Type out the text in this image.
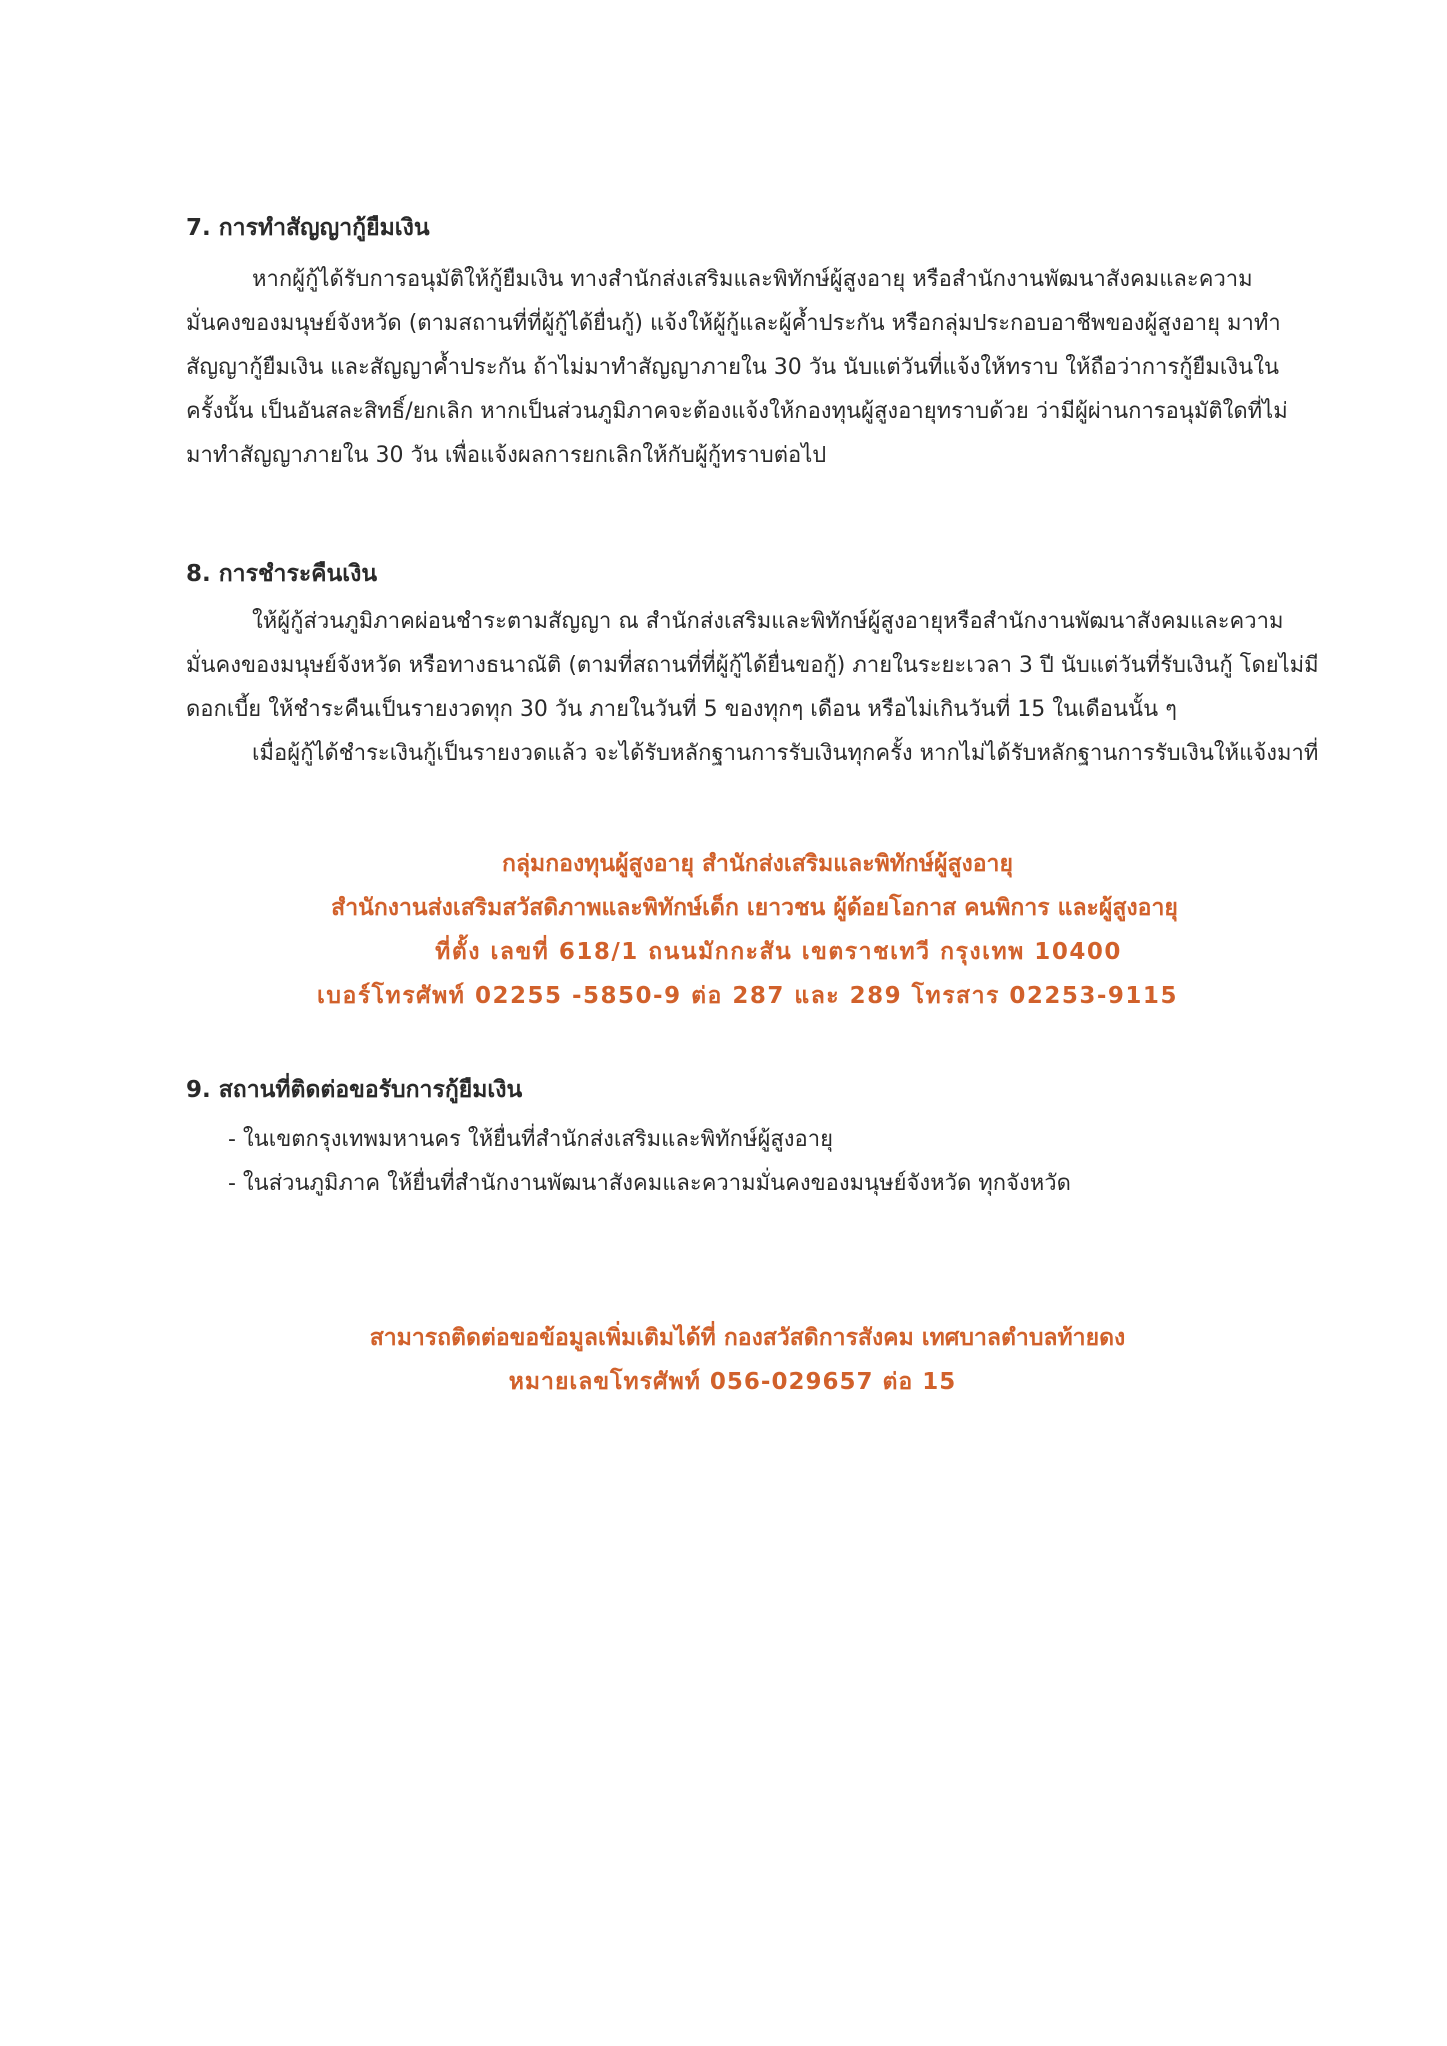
7. การทำสัญญากู้ยืมเงิน
หากผู้กู้ได้รับการอนุมัติให้กู้ยืมเงิน ทางสำนักส่งเสริมและพิทักษ์ผู้สูงอายุ หรือสำนักงานพัฒนาสังคมและความ
มั่นคงของมนุษย์จังหวัด (ตามสถานที่ที่ผู้กู้ได้ยื่นกู้) แจ้งให้ผู้กู้และผู้ค้ำประกัน หรือกลุ่มประกอบอาชีพของผู้สูงอายุ มาทำ
สัญญากู้ยืมเงิน และสัญญาค้ำประกัน ถ้าไม่มาทำสัญญาภายใน 30 วัน นับแต่วันที่แจ้งให้ทราบ ให้ถือว่าการกู้ยืมเงินใน
ครั้งนั้น เป็นอันสละสิทธิ์/ยกเลิก หากเป็นส่วนภูมิภาคจะต้องแจ้งให้กองทุนผู้สูงอายุทราบด้วย ว่ามีผู้ผ่านการอนุมัติใดที่ไม่
มาทำสัญญาภายใน 30 วัน เพื่อแจ้งผลการยกเลิกให้กับผู้กู้ทราบต่อไป
8. การชำระคืนเงิน
ให้ผู้กู้ส่วนภูมิภาคผ่อนชำระตามสัญญา ณ สำนักส่งเสริมและพิทักษ์ผู้สูงอายุหรือสำนักงานพัฒนาสังคมและความ
มั่นคงของมนุษย์จังหวัด หรือทางธนาณัติ (ตามที่สถานที่ที่ผู้กู้ได้ยื่นขอกู้) ภายในระยะเวลา 3 ปี นับแต่วันที่รับเงินกู้ โดยไม่มี
ดอกเบี้ย ให้ชำระคืนเป็นรายงวดทุก 30 วัน ภายในวันที่ 5 ของทุกๆ เดือน หรือไม่เกินวันที่ 15 ในเดือนนั้น ๆ
เมื่อผู้กู้ได้ชำระเงินกู้เป็นรายงวดแล้ว จะได้รับหลักฐานการรับเงินทุกครั้ง หากไม่ได้รับหลักฐานการรับเงินให้แจ้งมาที่
กลุ่มกองทุนผู้สูงอายุ สำนักส่งเสริมและพิทักษ์ผู้สูงอายุ
สำนักงานส่งเสริมสวัสดิภาพและพิทักษ์เด็ก เยาวชน ผู้ด้อยโอกาส คนพิการ และผู้สูงอายุ
ที่ตั้ง เลขที่ 618/1 ถนนมักกะสัน เขตราชเทวี กรุงเทพ 10400
เบอร์โทรศัพท์ 02255 -5850-9 ต่อ 287 และ 289 โทรสาร 02253-9115
9. สถานที่ติดต่อขอรับการกู้ยืมเงิน
- ในเขตกรุงเทพมหานคร ให้ยื่นที่สำนักส่งเสริมและพิทักษ์ผู้สูงอายุ
- ในส่วนภูมิภาค ให้ยื่นที่สำนักงานพัฒนาสังคมและความมั่นคงของมนุษย์จังหวัด ทุกจังหวัด
สามารถติดต่อขอข้อมูลเพิ่มเติมได้ที่ กองสวัสดิการสังคม เทศบาลตำบลท้ายดง
หมายเลขโทรศัพท์ 056-029657 ต่อ 15
